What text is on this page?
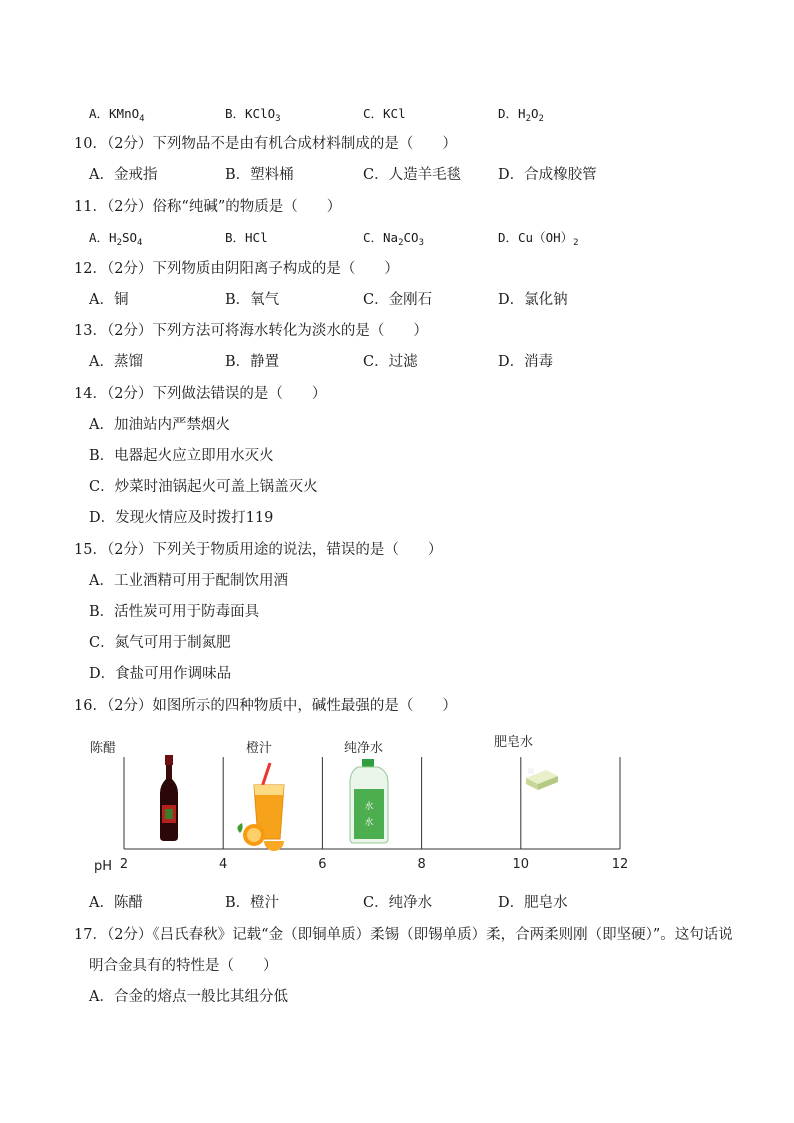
A．KMnO$_4$	B．KClO$_3$	C．KCl	D．$H_2O_2$
10．（2分）下列物品不是由有机合成材料制成的是（　　）
A．金戒指	B．塑料桶	C．人造羊毛毯	D．合成橡胶管
11．（2分）俗称“纯碱”的物质是（　　）
A．$H_2SO_4$	B．HCl	C．$Na_2CO_3$	D．$Cu(OH)_2$
12．（2分）下列物质由阴阳离子构成的是（　　）
A．铜	B．氧气	C．金刚石	D．氯化钠
13．（2分）下列方法可将海水转化为淡水的是（　　）
A．蒸馏	B．静置	C．过滤	D．消毒
14．（2分）下列做法错误的是（　　）
A．加油站内严禁烟火
B．电器起火应立即用水灭火
C．炒菜时油锅起火可盖上锅盖灭火
D．发现火情应及时拨打119
15．（2分）下列关于物质用途的说法，错误的是（　　）
A．工业酒精可用于配制饮用酒
B．活性炭可用于防毒面具
C．氮气可用于制氮肥
D．食盐可用作调味品
16．（2分）如图所示的四种物质中，碱性最强的是（　　）
2	4	6	8	10	12
pH
陈醋	橙汁	纯净水	肥皂水
水
水
A．陈醋	B．橙汁	C．纯净水	D．肥皂水
17．（2分）《吕氏春秋》记载“金（即铜单质）柔锡（即锡单质）柔，合两柔则刚（即坚硬）”。这句话说
明合金具有的特性是（　　）
A．合金的熔点一般比其组分低
